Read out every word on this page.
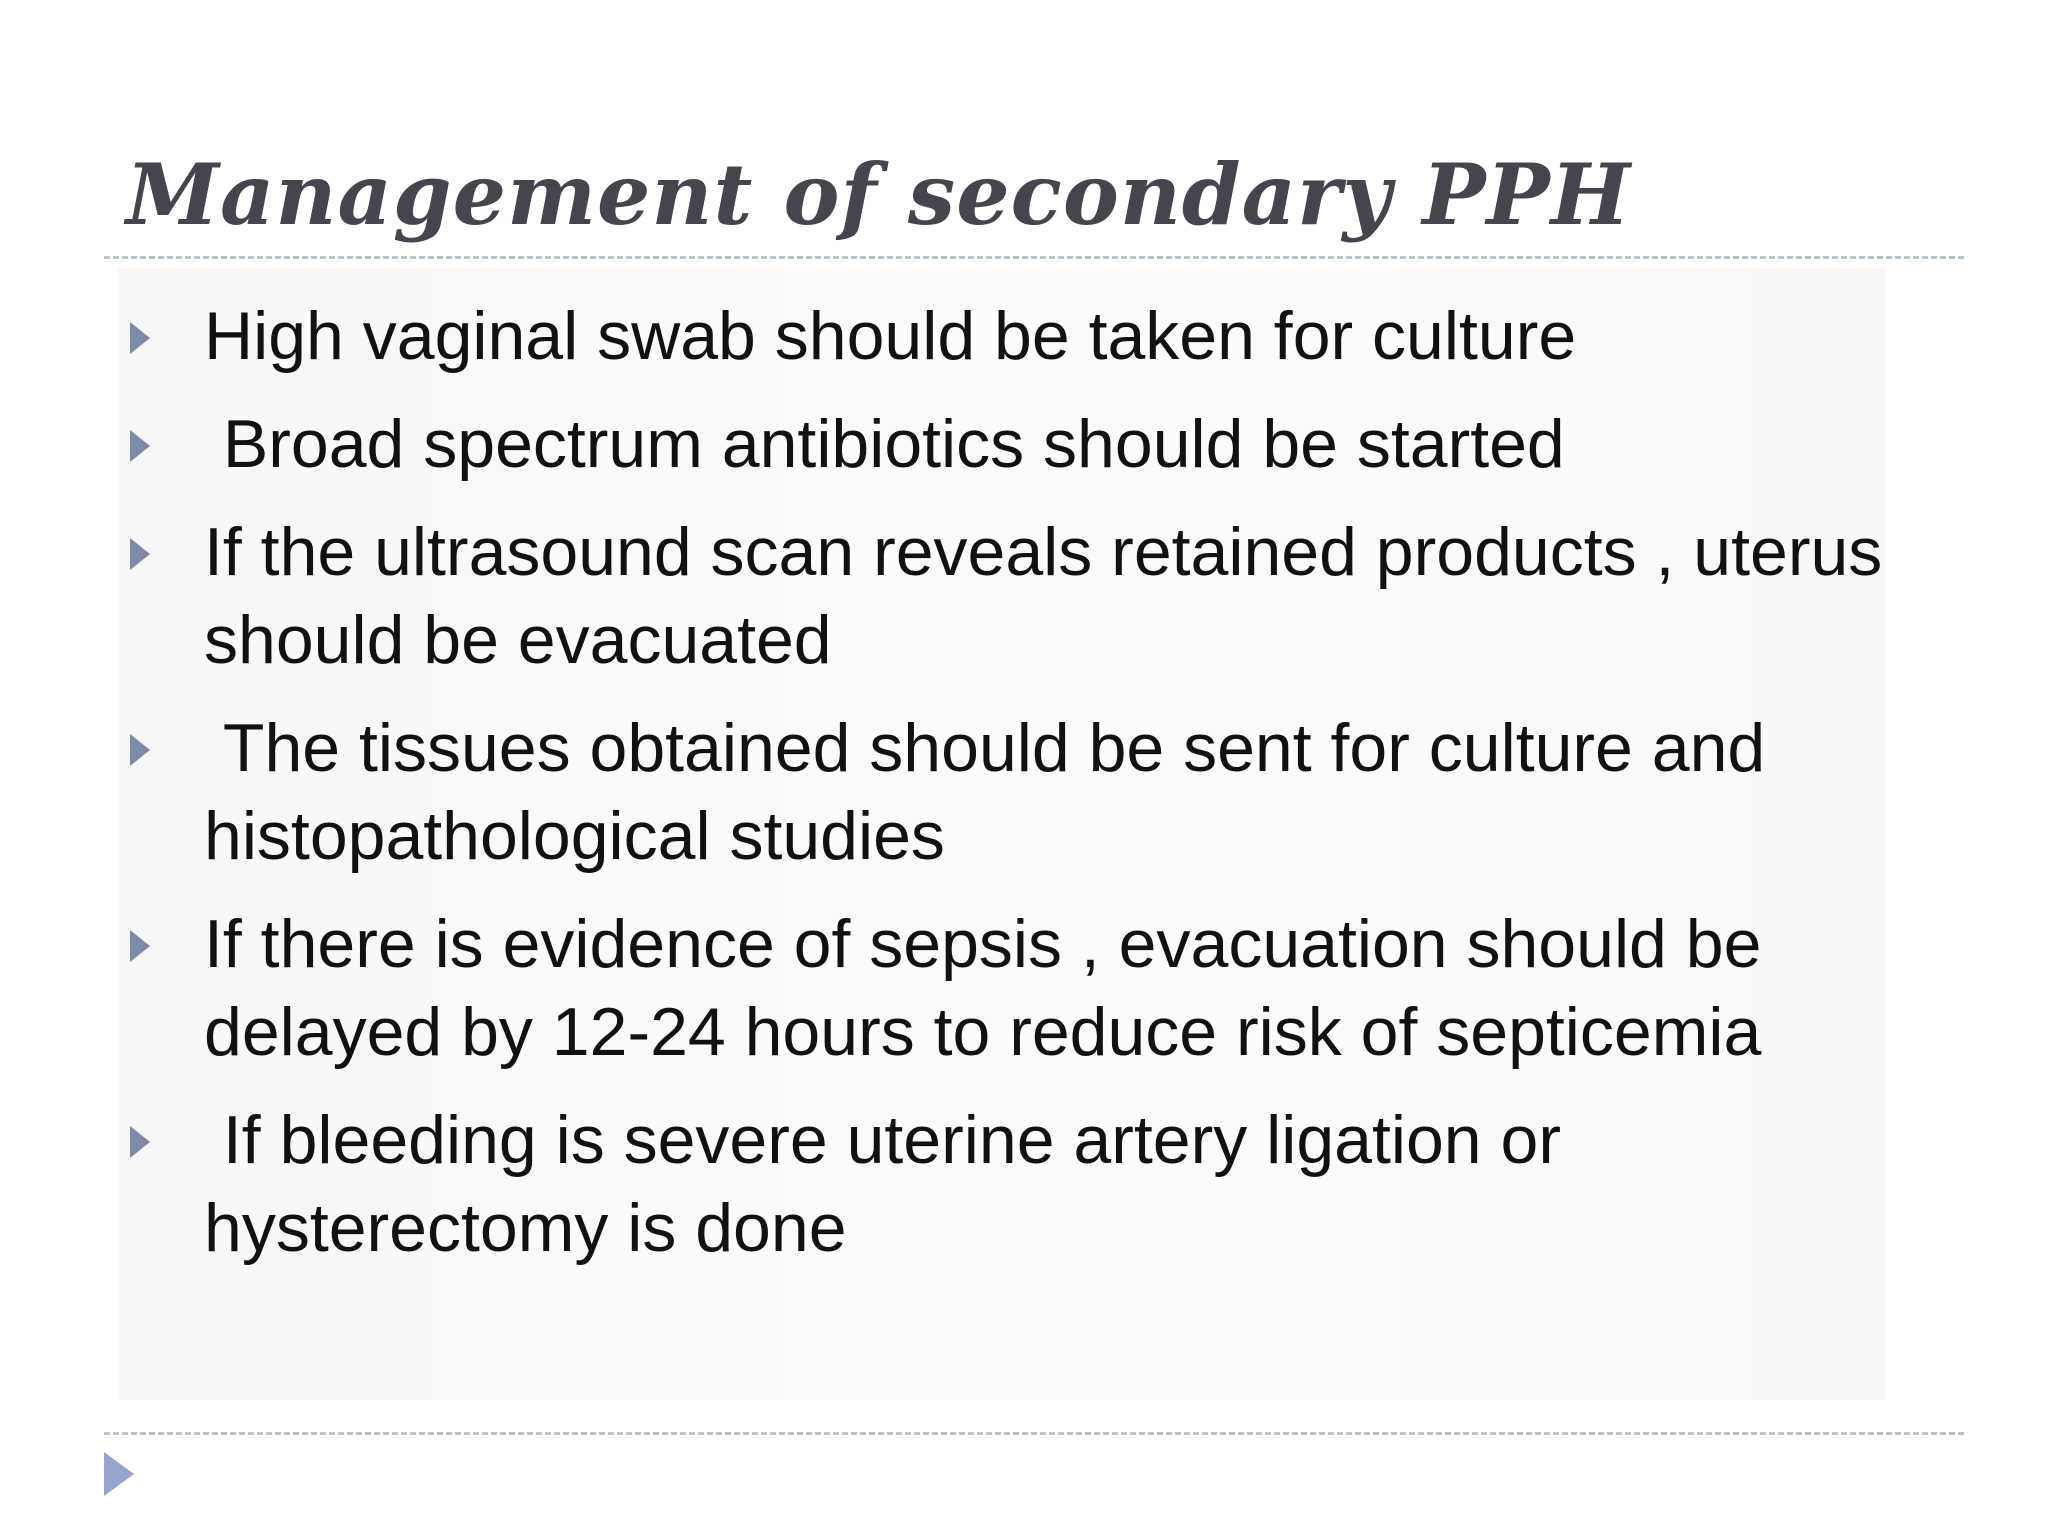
Management of secondary PPH
High vaginal swab should be taken for culture
Broad spectrum antibiotics should be started
If the ultrasound scan reveals retained products , uterus should be evacuated
The tissues obtained should be sent for culture and histopathological studies
If there is evidence of sepsis , evacuation should be delayed by 12-24 hours to reduce risk of septicemia
If bleeding is severe uterine artery ligation or hysterectomy is done
